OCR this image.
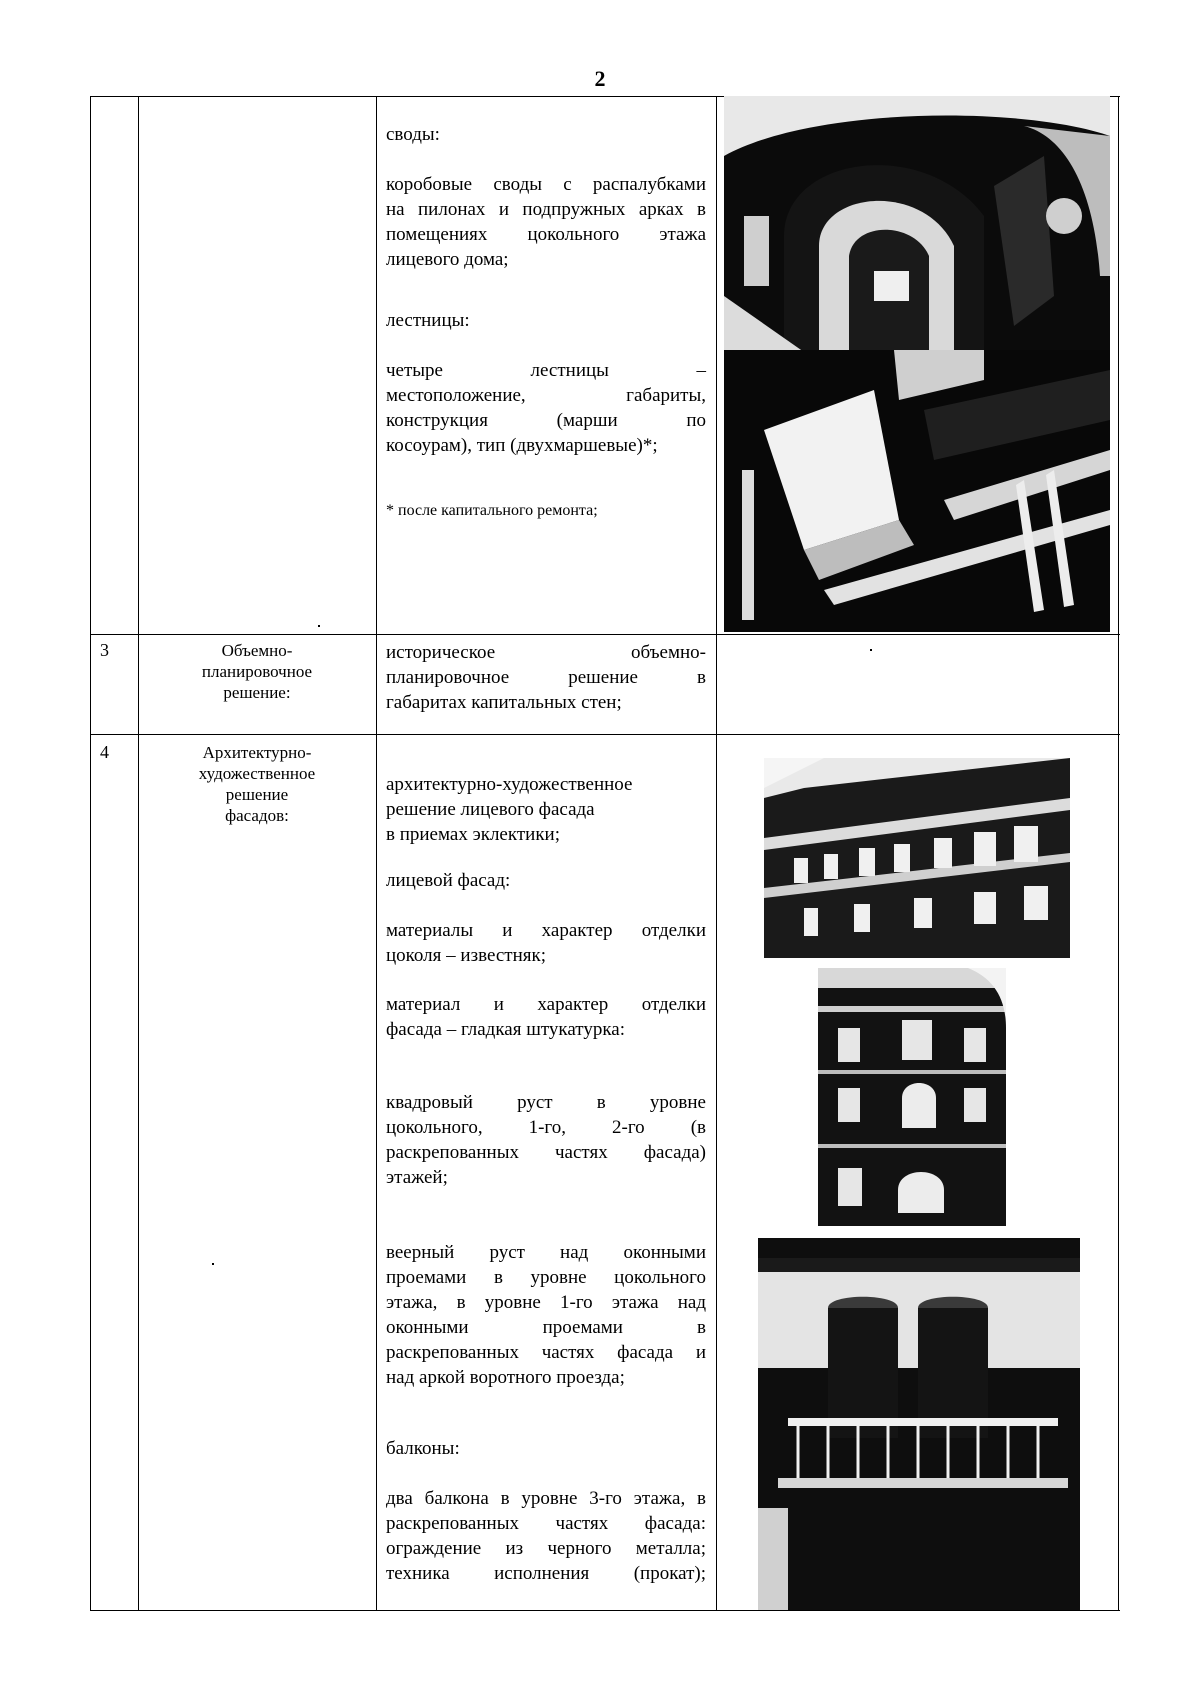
2
своды:
коробовые своды с распалубками
на пилонах и подпружных арках в
помещениях цокольного этажа
лицевого дома;
лестницы:
четыре лестницы –
местоположение, габариты,
конструкция (марши по
косоурам), тип (двухмаршевые)*;
* после капитального ремонта;
3	Объемно-
планировочное
решение:
историческое объемно-
планировочное решение в
габаритах капитальных стен;
4	Архитектурно-
художественное
решение
фасадов:
архитектурно-художественное
решение лицевого фасада
в приемах эклектики;
лицевой фасад:
материалы и характер отделки
цоколя – известняк;
материал и характер отделки
фасада – гладкая штукатурка:
квадровый руст в уровне
цокольного, 1-го, 2-го (в
раскрепованных частях фасада)
этажей;
веерный руст над оконными
проемами в уровне цокольного
этажа, в уровне 1-го этажа над
оконными проемами в
раскрепованных частях фасада и
над аркой воротного проезда;
балконы:
два балкона в уровне 3-го этажа, в
раскрепованных частях фасада:
ограждение из черного металла;
техника исполнения (прокат);
